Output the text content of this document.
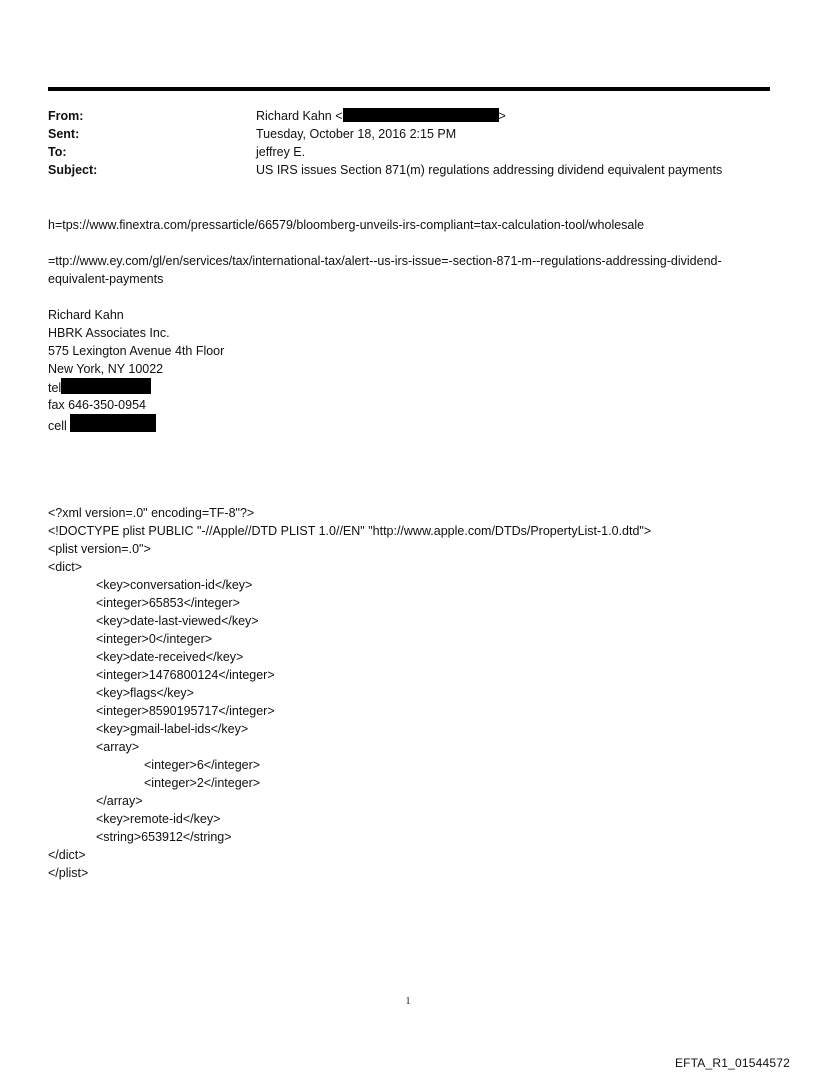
From:	Richard Kahn <	>
Sent:	Tuesday, October 18, 2016 2:15 PM
To:	jeffrey E.
Subject:	US IRS issues Section 871(m) regulations addressing dividend equivalent payments
h=tps://www.finextra.com/pressarticle/66579/bloomberg-unveils-irs-compliant=tax-calculation-tool/wholesale
=ttp://www.ey.com/gl/en/services/tax/international-tax/alert--us-irs-issue=-section-871-m--regulations-addressing-dividend-equivalent-payments
Richard Kahn
HBRK Associates Inc.
575 Lexington Avenue 4th Floor
New York, NY 10022
tel
fax 646-350-0954
cell
<?xml version=.0" encoding=TF-8"?>
<!DOCTYPE plist PUBLIC "-//Apple//DTD PLIST 1.0//EN" "http://www.apple.com/DTDs/PropertyList-1.0.dtd">
<plist version=.0">
<dict>
<key>conversation-id</key>
<integer>65853</integer>
<key>date-last-viewed</key>
<integer>0</integer>
<key>date-received</key>
<integer>1476800124</integer>
<key>flags</key>
<integer>8590195717</integer>
<key>gmail-label-ids</key>
<array>
<integer>6</integer>
<integer>2</integer>
</array>
<key>remote-id</key>
<string>653912</string>
</dict>
</plist>
1
EFTA_R1_01544572
